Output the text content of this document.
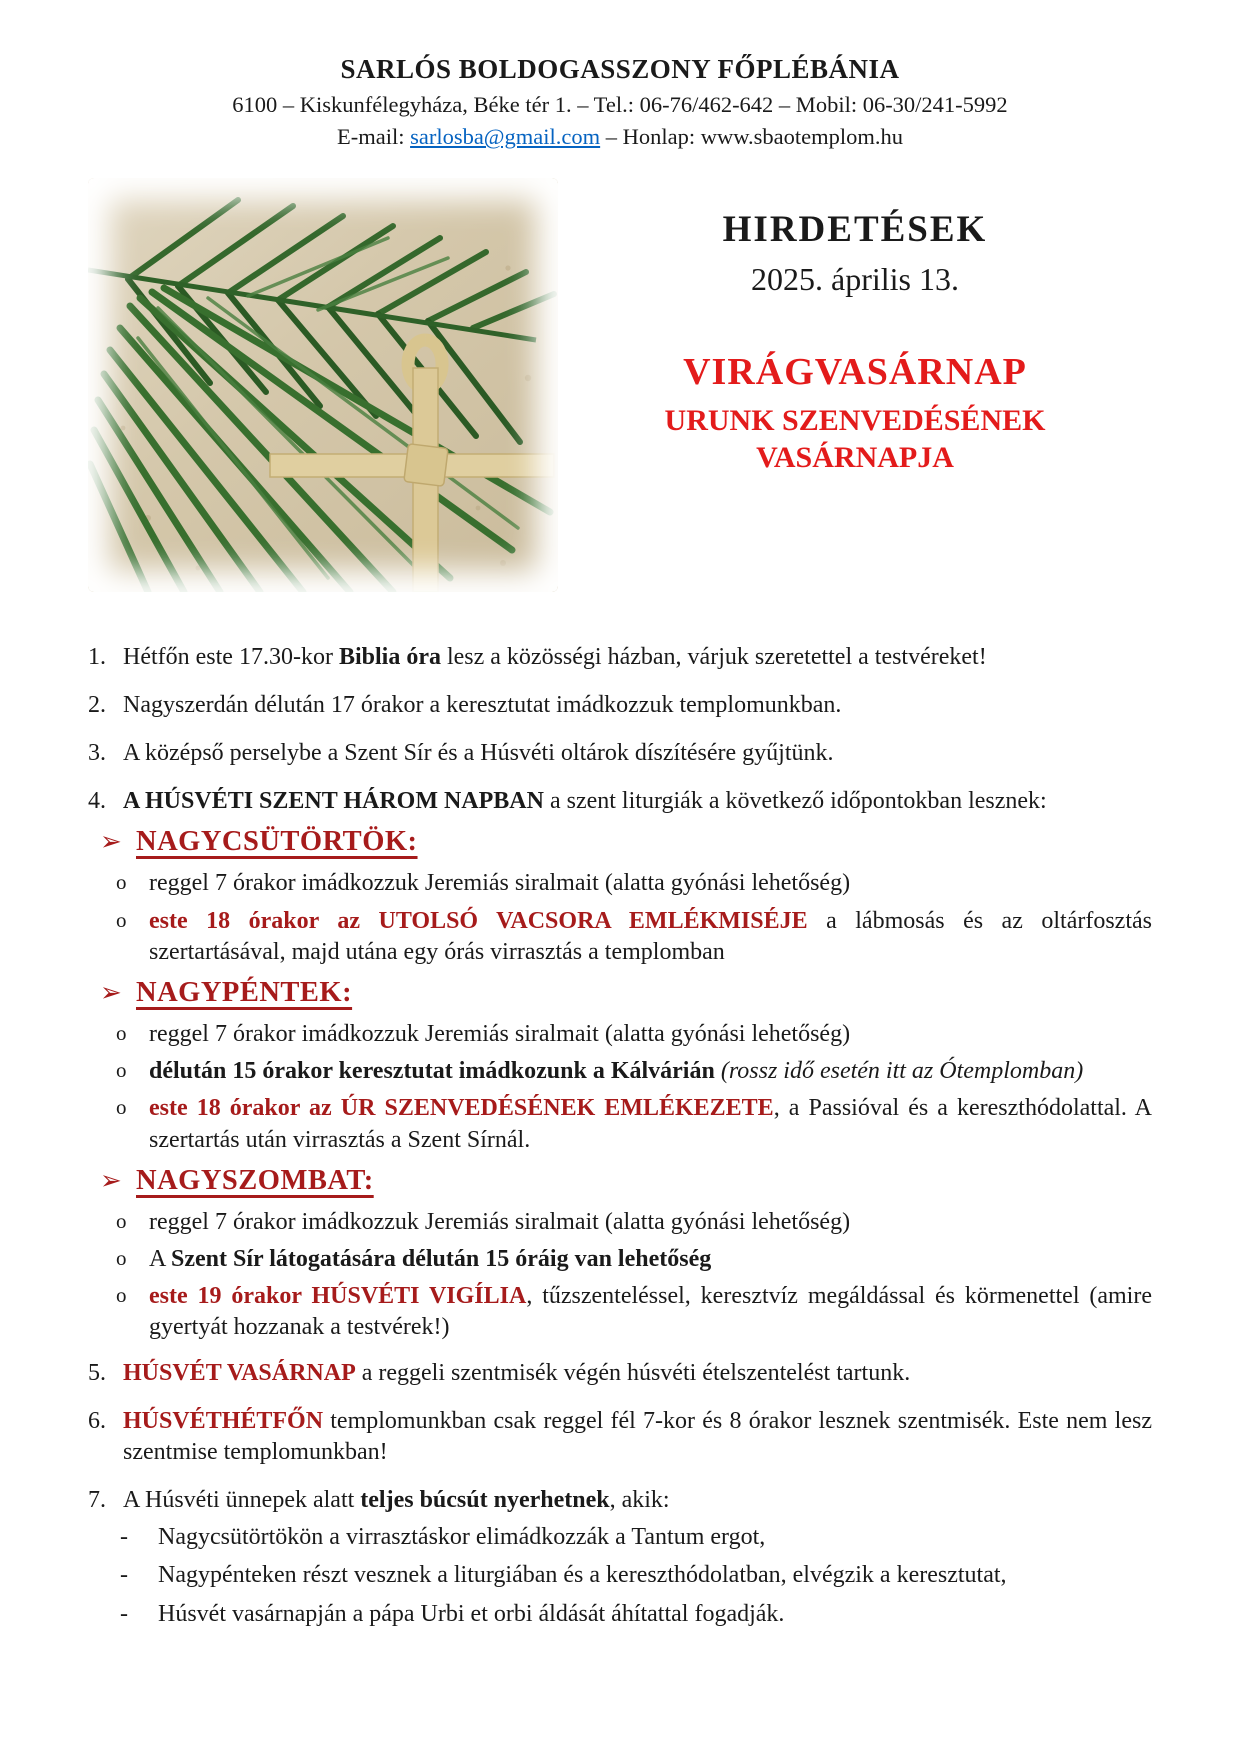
SARLÓS BOLDOGASSZONY FŐPLÉBÁNIA
6100 – Kiskunfélegyháza, Béke tér 1. – Tel.: 06-76/462-642 – Mobil: 06-30/241-5992
E-mail: sarlosba@gmail.com – Honlap: www.sbaotemplom.hu
HIRDETÉSEK
2025. április 13.
VIRÁGVASÁRNAP
URUNK SZENVEDÉSÉNEK
VASÁRNAPJA
1. Hétfőn este 17.30-kor Biblia óra lesz a közösségi házban, várjuk szeretettel a testvéreket!
2. Nagyszerdán délután 17 órakor a keresztutat imádkozzuk templomunkban.
3. A középső perselybe a Szent Sír és a Húsvéti oltárok díszítésére gyűjtünk.
4. A HÚSVÉTI SZENT HÁROM NAPBAN a szent liturgiák a következő időpontokban lesznek:
➢ NAGYCSÜTÖRTÖK:
o reggel 7 órakor imádkozzuk Jeremiás siralmait (alatta gyónási lehetőség)
o este 18 órakor az UTOLSÓ VACSORA EMLÉKMISÉJE a lábmosás és az oltárfosztás szertartásával, majd utána egy órás virrasztás a templomban
➢ NAGYPÉNTEK:
o reggel 7 órakor imádkozzuk Jeremiás siralmait (alatta gyónási lehetőség)
o délután 15 órakor keresztutat imádkozunk a Kálvárián (rossz idő esetén itt az Ótemplomban)
o este 18 órakor az ÚR SZENVEDÉSÉNEK EMLÉKEZETE, a Passióval és a kereszthódolattal. A szertartás után virrasztás a Szent Sírnál.
➢ NAGYSZOMBAT:
o reggel 7 órakor imádkozzuk Jeremiás siralmait (alatta gyónási lehetőség)
o A Szent Sír látogatására délután 15 óráig van lehetőség
o este 19 órakor HÚSVÉTI VIGÍLIA, tűzszenteléssel, keresztvíz megáldással és körmenettel (amire gyertyát hozzanak a testvérek!)
5. HÚSVÉT VASÁRNAP a reggeli szentmisék végén húsvéti ételszentelést tartunk.
6. HÚSVÉTHÉTFŐN templomunkban csak reggel fél 7-kor és 8 órakor lesznek szentmisék. Este nem lesz szentmise templomunkban!
7. A Húsvéti ünnepek alatt teljes búcsút nyerhetnek, akik:
-	Nagycsütörtökön a virrasztáskor elimádkozzák a Tantum ergot,
-	Nagypénteken részt vesznek a liturgiában és a kereszthódolatban, elvégzik a keresztutat,
-	Húsvét vasárnapján a pápa Urbi et orbi áldását áhítattal fogadják.
